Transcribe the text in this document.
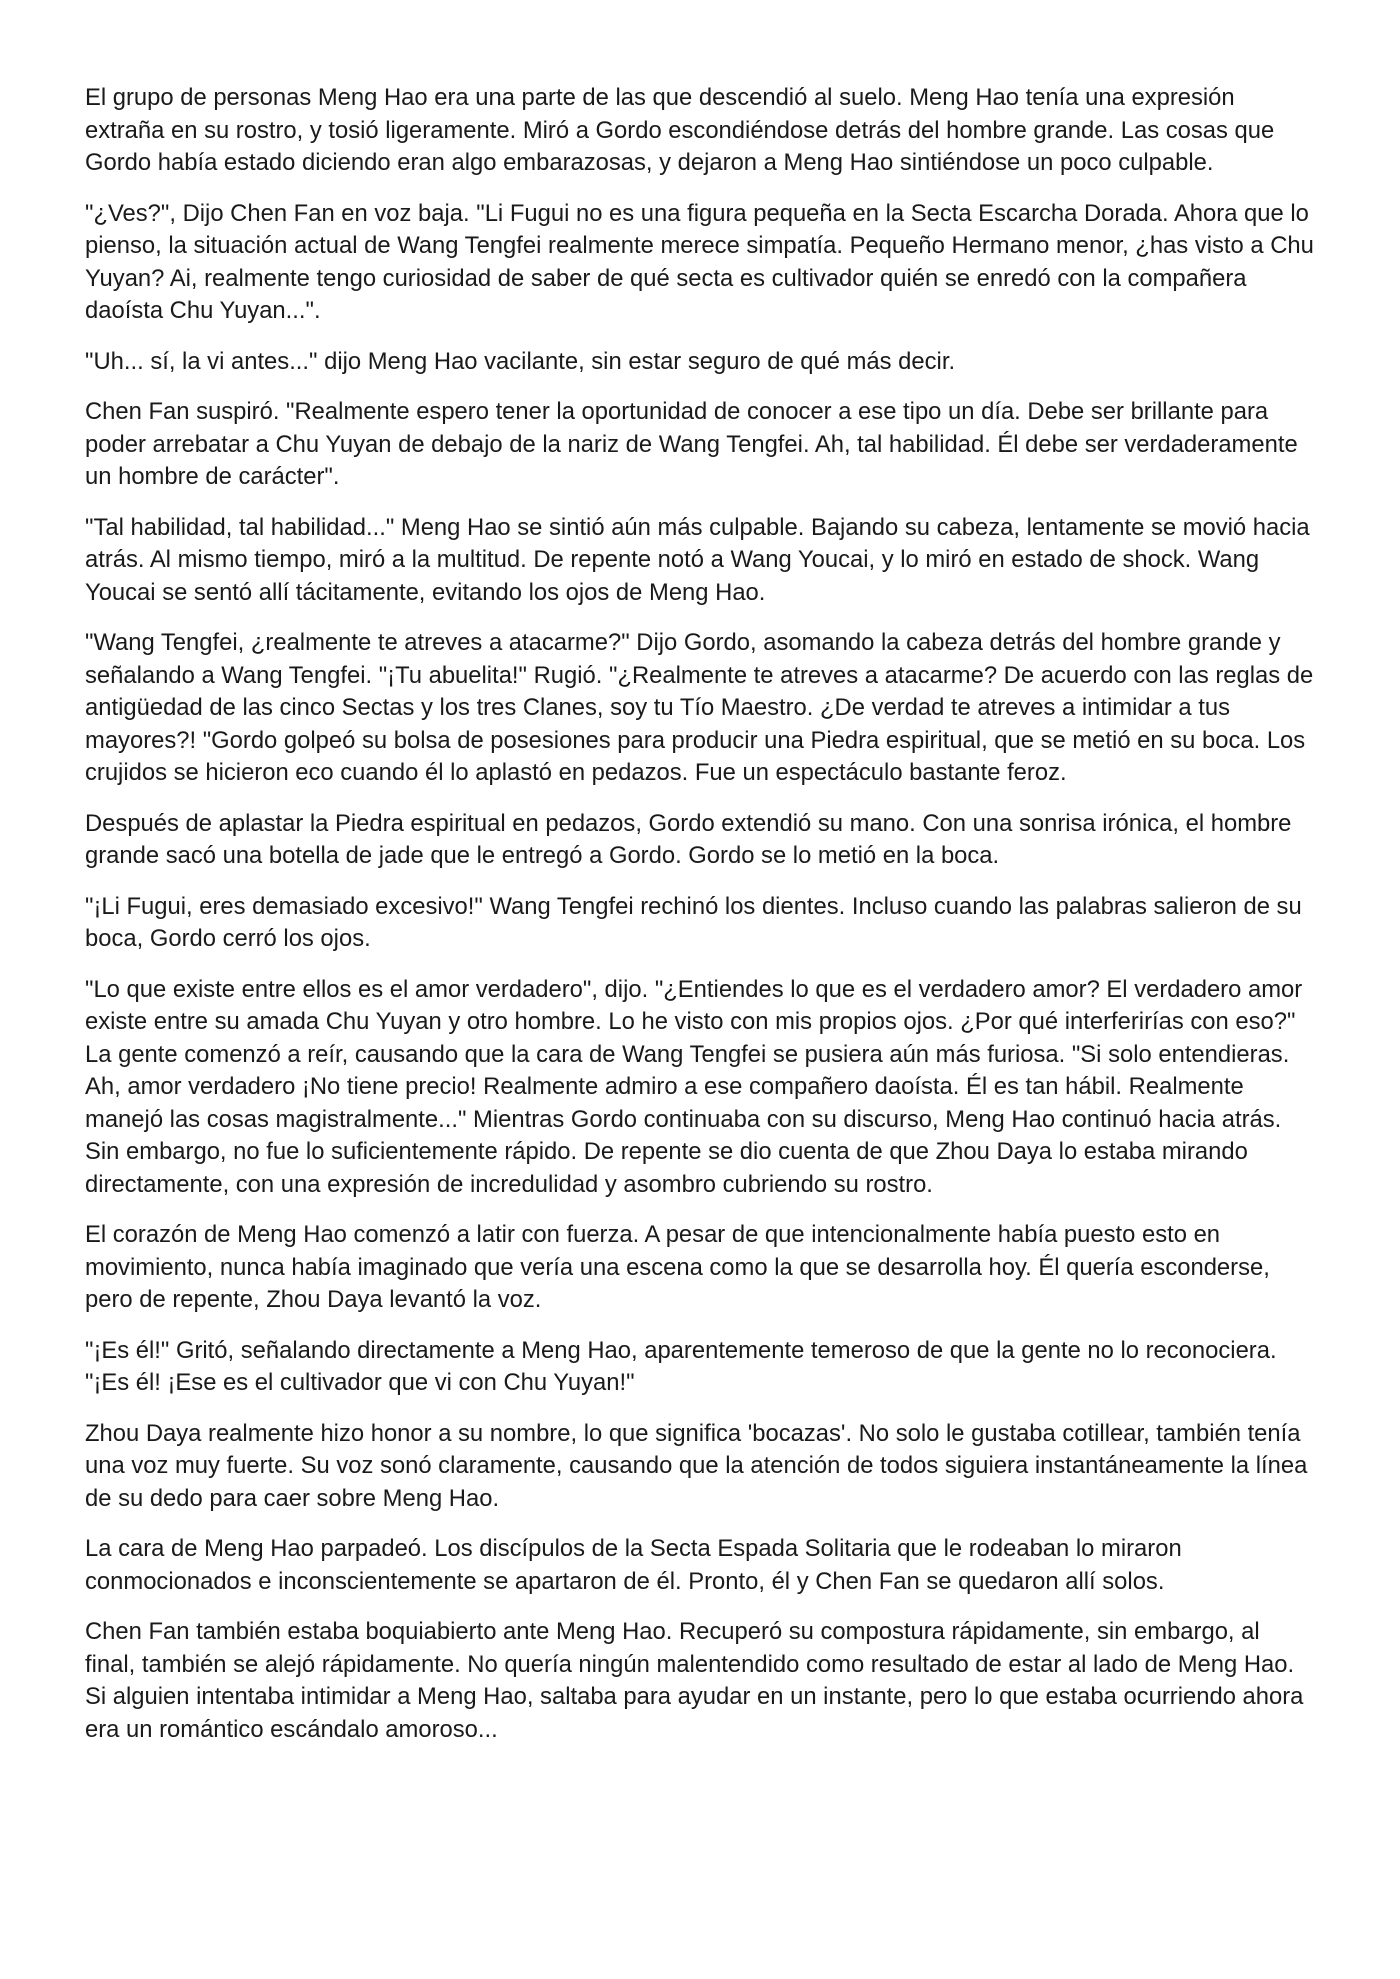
El grupo de personas Meng Hao era una parte de las que descendió al suelo. Meng Hao tenía una expresión extraña en su rostro, y tosió ligeramente. Miró a Gordo escondiéndose detrás del hombre grande. Las cosas que Gordo había estado diciendo eran algo embarazosas, y dejaron a Meng Hao sintiéndose un poco culpable.

"¿Ves?", Dijo Chen Fan en voz baja. "Li Fugui no es una figura pequeña en la Secta Escarcha Dorada. Ahora que lo pienso, la situación actual de Wang Tengfei realmente merece simpatía. Pequeño Hermano menor, ¿has visto a Chu Yuyan? Ai, realmente tengo curiosidad de saber de qué secta es cultivador quién se enredó con la compañera daoísta Chu Yuyan...".

"Uh... sí, la vi antes..." dijo Meng Hao vacilante, sin estar seguro de qué más decir.

Chen Fan suspiró. "Realmente espero tener la oportunidad de conocer a ese tipo un día. Debe ser brillante para poder arrebatar a Chu Yuyan de debajo de la nariz de Wang Tengfei. Ah, tal habilidad. Él debe ser verdaderamente un hombre de carácter".

"Tal habilidad, tal habilidad..." Meng Hao se sintió aún más culpable. Bajando su cabeza, lentamente se movió hacia atrás. Al mismo tiempo, miró a la multitud. De repente notó a Wang Youcai, y lo miró en estado de shock. Wang Youcai se sentó allí tácitamente, evitando los ojos de Meng Hao.

"Wang Tengfei, ¿realmente te atreves a atacarme?" Dijo Gordo, asomando la cabeza detrás del hombre grande y señalando a Wang Tengfei. "¡Tu abuelita!" Rugió. "¿Realmente te atreves a atacarme? De acuerdo con las reglas de antigüedad de las cinco Sectas y los tres Clanes, soy tu Tío Maestro. ¿De verdad te atreves a intimidar a tus mayores?! "Gordo golpeó su bolsa de posesiones para producir una Piedra espiritual, que se metió en su boca. Los crujidos se hicieron eco cuando él lo aplastó en pedazos. Fue un espectáculo bastante feroz.

Después de aplastar la Piedra espiritual en pedazos, Gordo extendió su mano. Con una sonrisa irónica, el hombre grande sacó una botella de jade que le entregó a Gordo. Gordo se lo metió en la boca.

"¡Li Fugui, eres demasiado excesivo!" Wang Tengfei rechinó los dientes. Incluso cuando las palabras salieron de su boca, Gordo cerró los ojos.

"Lo que existe entre ellos es el amor verdadero", dijo. "¿Entiendes lo que es el verdadero amor? El verdadero amor existe entre su amada Chu Yuyan y otro hombre. Lo he visto con mis propios ojos. ¿Por qué interferirías con eso?" La gente comenzó a reír, causando que la cara de Wang Tengfei se pusiera aún más furiosa. "Si solo entendieras. Ah, amor verdadero ¡No tiene precio! Realmente admiro a ese compañero daoísta. Él es tan hábil. Realmente manejó las cosas magistralmente..." Mientras Gordo continuaba con su discurso, Meng Hao continuó hacia atrás. Sin embargo, no fue lo suficientemente rápido. De repente se dio cuenta de que Zhou Daya lo estaba mirando directamente, con una expresión de incredulidad y asombro cubriendo su rostro.

El corazón de Meng Hao comenzó a latir con fuerza. A pesar de que intencionalmente había puesto esto en movimiento, nunca había imaginado que vería una escena como la que se desarrolla hoy. Él quería esconderse, pero de repente, Zhou Daya levantó la voz.

"¡Es él!" Gritó, señalando directamente a Meng Hao, aparentemente temeroso de que la gente no lo reconociera. "¡Es él! ¡Ese es el cultivador que vi con Chu Yuyan!"

Zhou Daya realmente hizo honor a su nombre, lo que significa 'bocazas'. No solo le gustaba cotillear, también tenía una voz muy fuerte. Su voz sonó claramente, causando que la atención de todos siguiera instantáneamente la línea de su dedo para caer sobre Meng Hao.

La cara de Meng Hao parpadeó. Los discípulos de la Secta Espada Solitaria que le rodeaban lo miraron conmocionados e inconscientemente se apartaron de él. Pronto, él y Chen Fan se quedaron allí solos.

Chen Fan también estaba boquiabierto ante Meng Hao. Recuperó su compostura rápidamente, sin embargo, al final, también se alejó rápidamente. No quería ningún malentendido como resultado de estar al lado de Meng Hao. Si alguien intentaba intimidar a Meng Hao, saltaba para ayudar en un instante, pero lo que estaba ocurriendo ahora era un romántico escándalo amoroso...
